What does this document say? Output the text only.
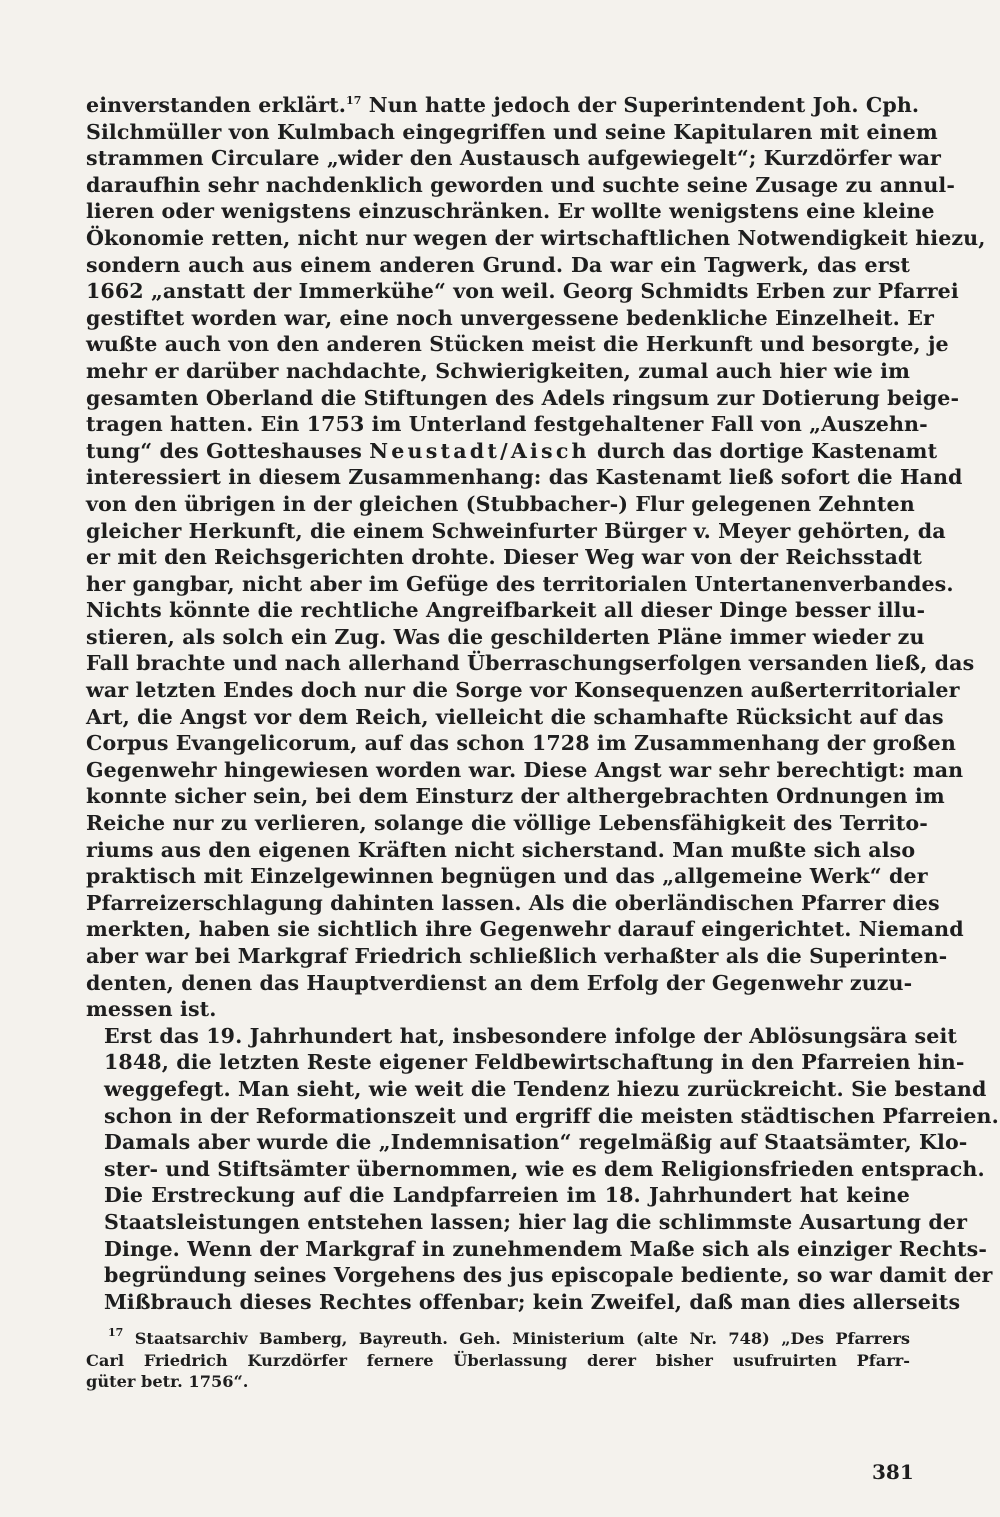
einverstanden erklärt.$^{17}$ Nun hatte jedoch der Superintendent Joh. Cph.
Silchmüller von Kulmbach eingegriffen und seine Kapitularen mit einem
strammen Circulare „wider den Austausch aufgewiegelt“; Kurzdörfer war
daraufhin sehr nachdenklich geworden und suchte seine Zusage zu annul-
lieren oder wenigstens einzuschränken. Er wollte wenigstens eine kleine
Ökonomie retten, nicht nur wegen der wirtschaftlichen Notwendigkeit hiezu,
sondern auch aus einem anderen Grund. Da war ein Tagwerk, das erst
1662 „anstatt der Immerkühe“ von weil. Georg Schmidts Erben zur Pfarrei
gestiftet worden war, eine noch unvergessene bedenkliche Einzelheit. Er
wußte auch von den anderen Stücken meist die Herkunft und besorgte, je
mehr er darüber nachdachte, Schwierigkeiten, zumal auch hier wie im
gesamten Oberland die Stiftungen des Adels ringsum zur Dotierung beige-
tragen hatten. Ein 1753 im Unterland festgehaltener Fall von „Auszehn-
tung“ des Gotteshauses Neustadt/Aisch durch das dortige Kastenamt
interessiert in diesem Zusammenhang: das Kastenamt ließ sofort die Hand
von den übrigen in der gleichen (Stubbacher-) Flur gelegenen Zehnten
gleicher Herkunft, die einem Schweinfurter Bürger v. Meyer gehörten, da
er mit den Reichsgerichten drohte. Dieser Weg war von der Reichsstadt
her gangbar, nicht aber im Gefüge des territorialen Untertanenverbandes.
Nichts könnte die rechtliche Angreifbarkeit all dieser Dinge besser illu-
stieren, als solch ein Zug. Was die geschilderten Pläne immer wieder zu
Fall brachte und nach allerhand Überraschungserfolgen versanden ließ, das
war letzten Endes doch nur die Sorge vor Konsequenzen außerterritorialer
Art, die Angst vor dem Reich, vielleicht die schamhafte Rücksicht auf das
Corpus Evangelicorum, auf das schon 1728 im Zusammenhang der großen
Gegenwehr hingewiesen worden war. Diese Angst war sehr berechtigt: man
konnte sicher sein, bei dem Einsturz der althergebrachten Ordnungen im
Reiche nur zu verlieren, solange die völlige Lebensfähigkeit des Territo-
riums aus den eigenen Kräften nicht sicherstand. Man mußte sich also
praktisch mit Einzelgewinnen begnügen und das „allgemeine Werk“ der
Pfarreizerschlagung dahinten lassen. Als die oberländischen Pfarrer dies
merkten, haben sie sichtlich ihre Gegenwehr darauf eingerichtet. Niemand
aber war bei Markgraf Friedrich schließlich verhaßter als die Superinten-
denten, denen das Hauptverdienst an dem Erfolg der Gegenwehr zuzu-
messen ist.

Erst das 19. Jahrhundert hat, insbesondere infolge der Ablösungsära seit
1848, die letzten Reste eigener Feldbewirtschaftung in den Pfarreien hin-
weggefegt. Man sieht, wie weit die Tendenz hiezu zurückreicht. Sie bestand
schon in der Reformationszeit und ergriff die meisten städtischen Pfarreien.
Damals aber wurde die „Indemnisation“ regelmäßig auf Staatsämter, Klo-
ster- und Stiftsämter übernommen, wie es dem Religionsfrieden entsprach.
Die Erstreckung auf die Landpfarreien im 18. Jahrhundert hat keine
Staatsleistungen entstehen lassen; hier lag die schlimmste Ausartung der
Dinge. Wenn der Markgraf in zunehmendem Maße sich als einziger Rechts-
begründung seines Vorgehens des jus episcopale bediente, so war damit der
Mißbrauch dieses Rechtes offenbar; kein Zweifel, daß man dies allerseits

$^{17}$ Staatsarchiv Bamberg, Bayreuth. Geh. Ministerium (alte Nr. 748) „Des Pfarrers
Carl Friedrich Kurzdörfer fernere Überlassung derer bisher usufruirten Pfarr-
güter betr. 1756“.
381
